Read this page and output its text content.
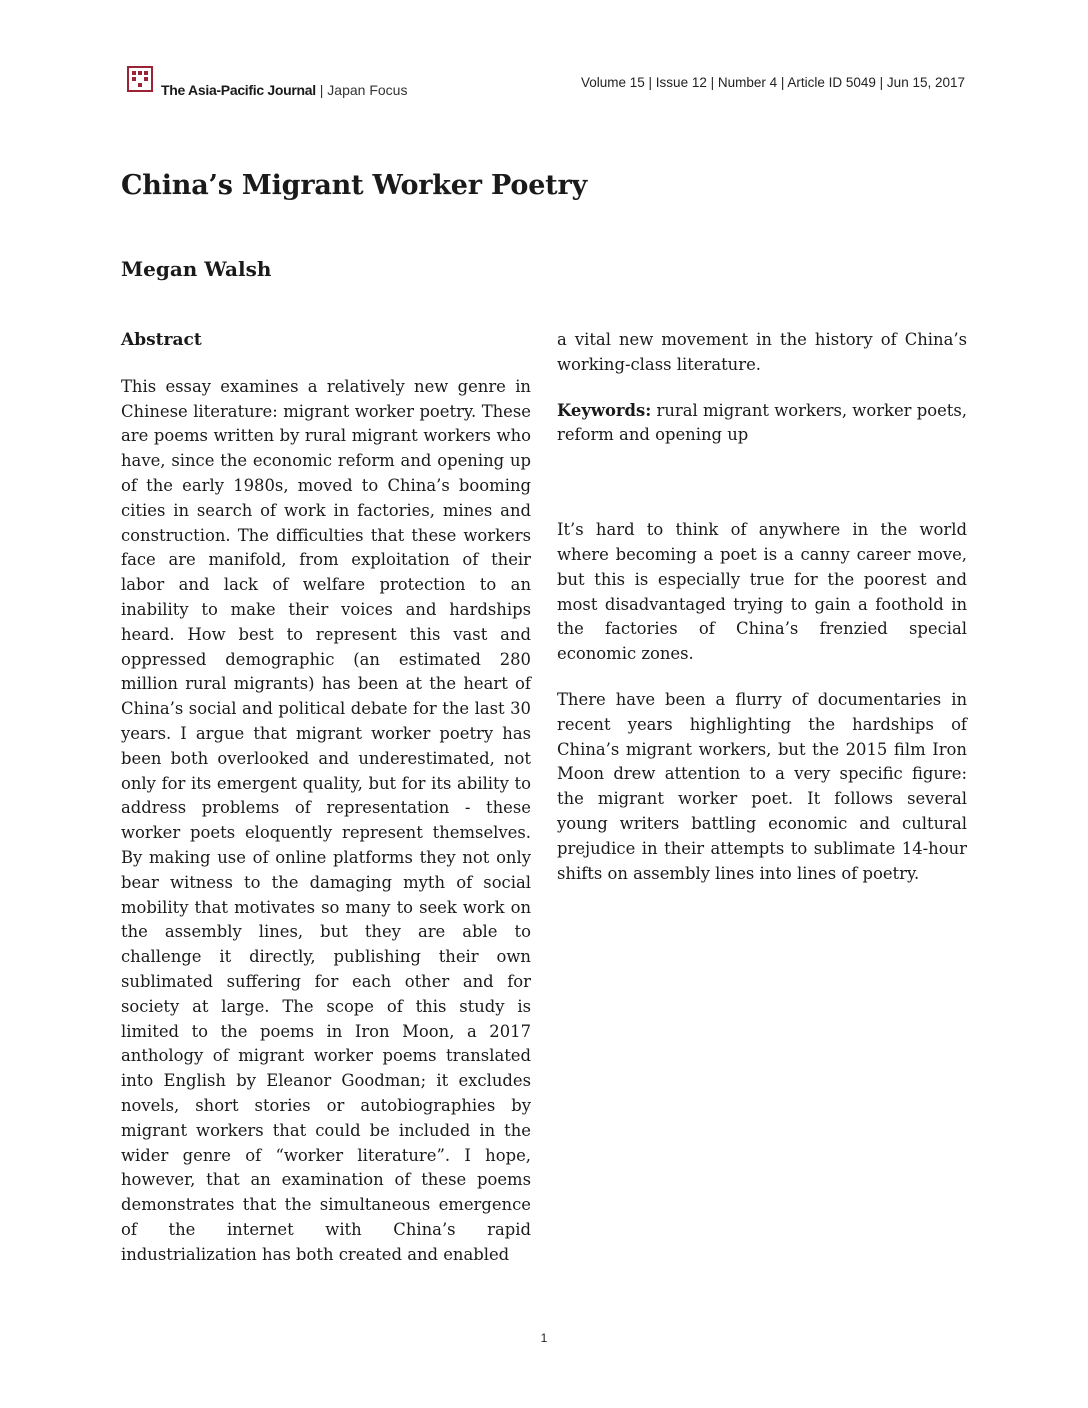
The Asia-Pacific Journal | Japan Focus	Volume 15 | Issue 12 | Number 4 | Article ID 5049 | Jun 15, 2017
China’s Migrant Worker Poetry
Megan Walsh
Abstract

This essay examines a relatively new genre in Chinese literature: migrant worker poetry. These are poems written by rural migrant workers who have, since the economic reform and opening up of the early 1980s, moved to China’s booming cities in search of work in factories, mines and construction. The difficulties that these workers face are manifold, from exploitation of their labor and lack of welfare protection to an inability to make their voices and hardships heard. How best to represent this vast and oppressed demographic (an estimated 280 million rural migrants) has been at the heart of China’s social and political debate for the last 30 years. I argue that migrant worker poetry has been both overlooked and underestimated, not only for its emergent quality, but for its ability to address problems of representation - these worker poets eloquently represent themselves. By making use of online platforms they not only bear witness to the damaging myth of social mobility that motivates so many to seek work on the assembly lines, but they are able to challenge it directly, publishing their own sublimated suffering for each other and for society at large. The scope of this study is limited to the poems in Iron Moon, a 2017 anthology of migrant worker poems translated into English by Eleanor Goodman; it excludes novels, short stories or autobiographies by migrant workers that could be included in the wider genre of “worker literature”. I hope, however, that an examination of these poems demonstrates that the simultaneous emergence of the internet with China’s rapid industrialization has both created and enabled

a vital new movement in the history of China’s working-class literature.

Keywords: rural migrant workers, worker poets, reform and opening up

It’s hard to think of anywhere in the world where becoming a poet is a canny career move, but this is especially true for the poorest and most disadvantaged trying to gain a foothold in the factories of China’s frenzied special economic zones.

There have been a flurry of documentaries in recent years highlighting the hardships of China’s migrant workers, but the 2015 film Iron Moon drew attention to a very specific figure: the migrant worker poet. It follows several young writers battling economic and cultural prejudice in their attempts to sublimate 14-hour shifts on assembly lines into lines of poetry.

1
